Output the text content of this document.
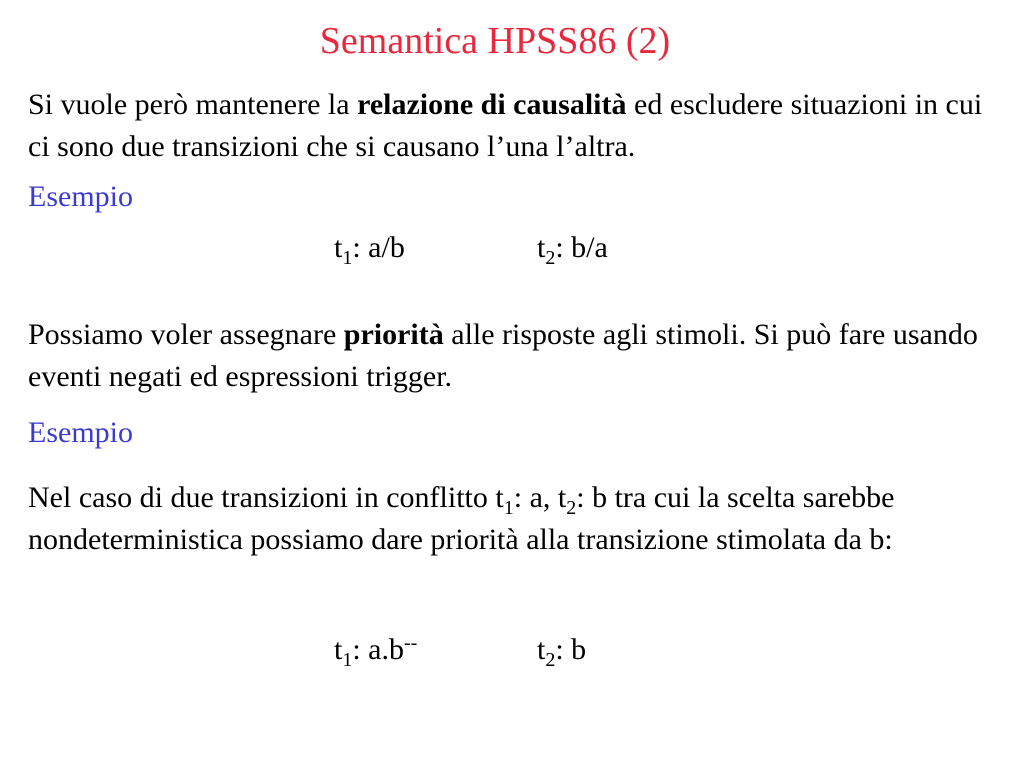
Semantica HPSS86 (2)
Si vuole però mantenere la relazione di causalità ed escludere situazioni in cui ci sono due transizioni che si causano l’una l’altra.
Esempio
$t_1$: a/b	$t_2$: b/a
Possiamo voler assegnare priorità alle risposte agli stimoli. Si può fare usando eventi negati ed espressioni trigger.
Esempio
Nel caso di due transizioni in conflitto $t_1$: a, $t_2$: b tra cui la scelta sarebbe nondeterministica possiamo dare priorità alla transizione stimolata da b:
$t_1$: a.b--	$t_2$: b
